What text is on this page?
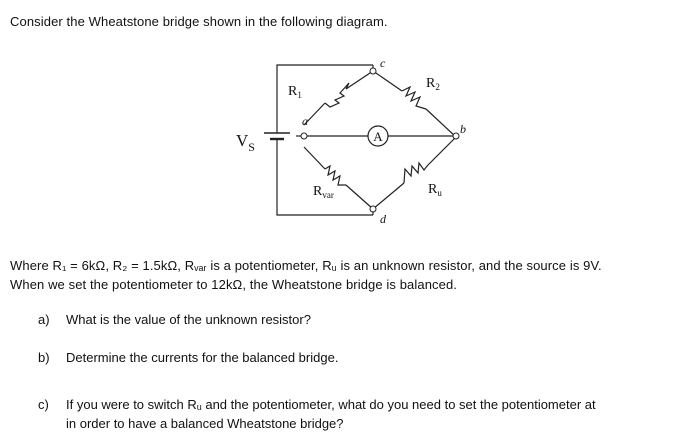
Consider the Wheatstone bridge shown in the following diagram.
A
$V_S$
$R_1$
$R_2$
$R_{var}$	$R_u$
a
b
c
d
Where R₁ = 6kΩ, R₂ = 1.5kΩ, Rᵥₐᵣ is a potentiometer, Rᵤ is an unknown resistor, and the source is 9V.
When we set the potentiometer to 12kΩ, the Wheatstone bridge is balanced.
a) What is the value of the unknown resistor?
b) Determine the currents for the balanced bridge.
c) If you were to switch Rᵤ and the potentiometer, what do you need to set the potentiometer at
in order to have a balanced Wheatstone bridge?
